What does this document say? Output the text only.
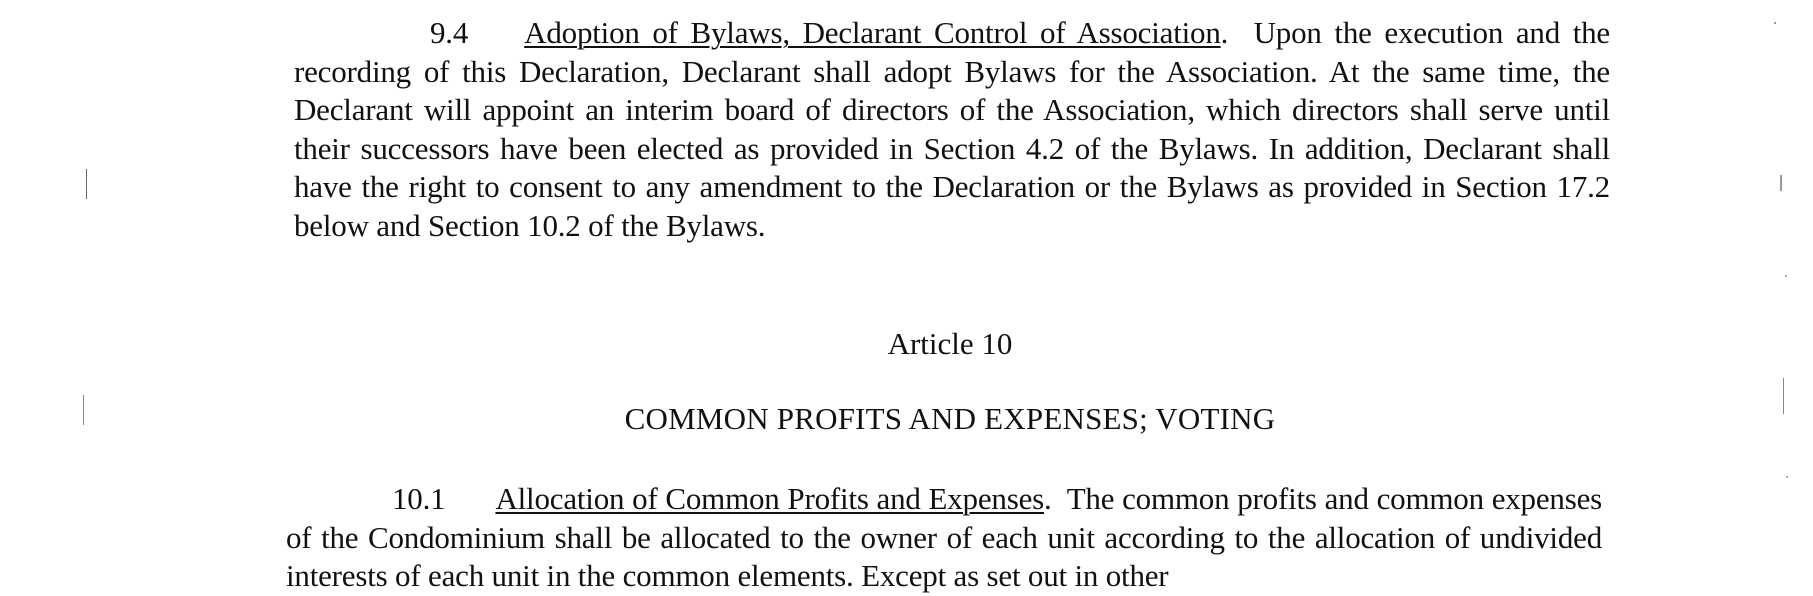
9.4 Adoption of Bylaws, Declarant Control of Association. Upon the execution and the recording of this Declaration, Declarant shall adopt Bylaws for the Association. At the same time, the Declarant will appoint an interim board of directors of the Association, which directors shall serve until their successors have been elected as provided in Section 4.2 of the Bylaws. In addition, Declarant shall have the right to consent to any amendment to the Declaration or the Bylaws as provided in Section 17.2 below and Section 10.2 of the Bylaws.
Article 10
COMMON PROFITS AND EXPENSES; VOTING
10.1 Allocation of Common Profits and Expenses. The common profits and common expenses of the Condominium shall be allocated to the owner of each unit according to the allocation of undivided interests of each unit in the common elements. Except as set out in other
